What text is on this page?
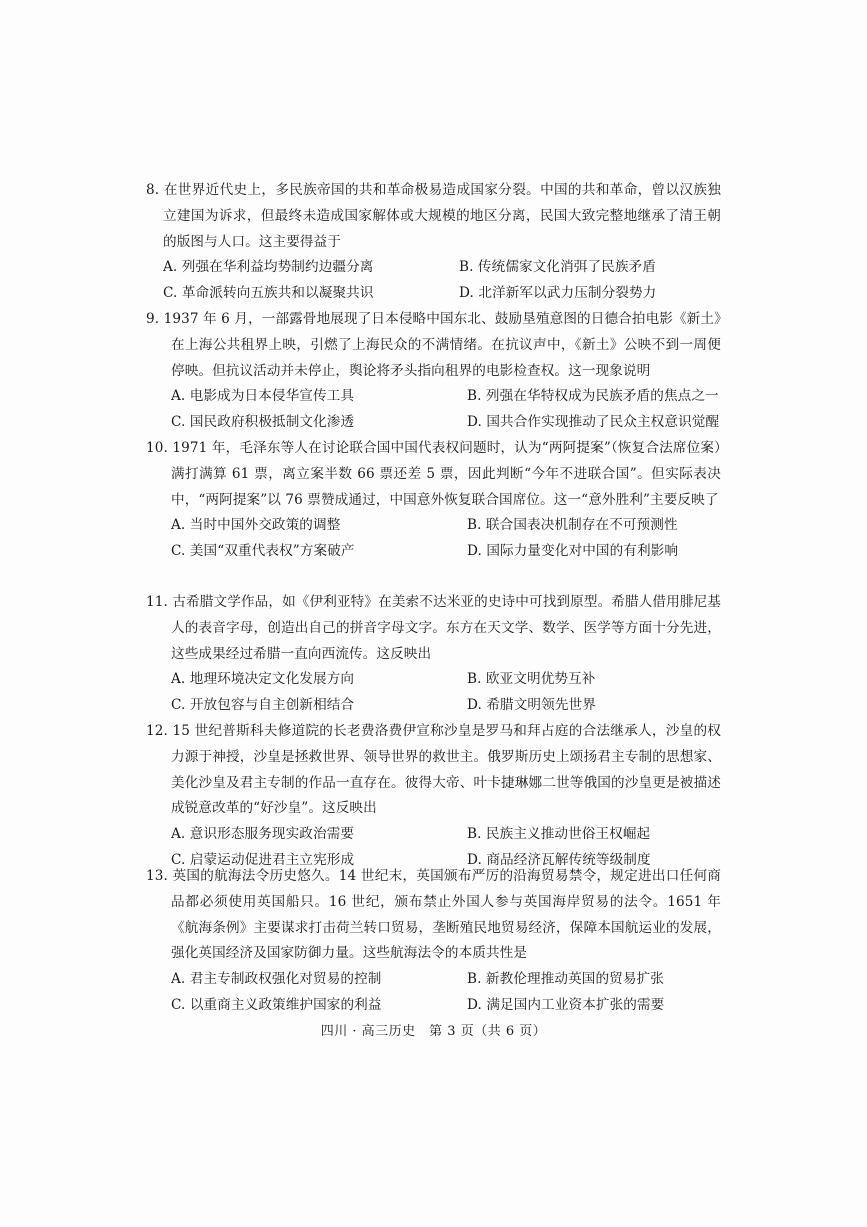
8. 在世界近代史上，多民族帝国的共和革命极易造成国家分裂。中国的共和革命，曾以汉族独立建国为诉求，但最终未造成国家解体或大规模的地区分离，民国大致完整地继承了清王朝的版图与人口。这主要得益于

A. 列强在华利益均势制约边疆分离	B. 传统儒家文化消弭了民族矛盾
C. 革命派转向五族共和以凝聚共识	D. 北洋新军以武力压制分裂势力

9. 1937 年 6 月，一部露骨地展现了日本侵略中国东北、鼓励垦殖意图的日德合拍电影《新土》在上海公共租界上映，引燃了上海民众的不满情绪。在抗议声中，《新土》公映不到一周便停映。但抗议活动并未停止，舆论将矛头指向租界的电影检查权。这一现象说明

A. 电影成为日本侵华宣传工具	B. 列强在华特权成为民族矛盾的焦点之一
C. 国民政府积极抵制文化渗透	D. 国共合作实现推动了民众主权意识觉醒

10. 1971 年，毛泽东等人在讨论联合国中国代表权问题时，认为“两阿提案”（恢复合法席位案）满打满算 61 票，离立案半数 66 票还差 5 票，因此判断“今年不进联合国”。但实际表决中，“两阿提案”以 76 票赞成通过，中国意外恢复联合国席位。这一“意外胜利”主要反映了

A. 当时中国外交政策的调整	B. 联合国表决机制存在不可预测性
C. 美国“双重代表权”方案破产	D. 国际力量变化对中国的有利影响

11. 古希腊文学作品，如《伊利亚特》在美索不达米亚的史诗中可找到原型。希腊人借用腓尼基人的表音字母，创造出自己的拼音字母文字。东方在天文学、数学、医学等方面十分先进，这些成果经过希腊一直向西流传。这反映出

A. 地理环境决定文化发展方向	B. 欧亚文明优势互补
C. 开放包容与自主创新相结合	D. 希腊文明领先世界

12. 15 世纪普斯科夫修道院的长老费洛费伊宣称沙皇是罗马和拜占庭的合法继承人，沙皇的权力源于神授，沙皇是拯救世界、领导世界的救世主。俄罗斯历史上颂扬君主专制的思想家、美化沙皇及君主专制的作品一直存在。彼得大帝、叶卡捷琳娜二世等俄国的沙皇更是被描述成锐意改革的“好沙皇”。这反映出

A. 意识形态服务现实政治需要	B. 民族主义推动世俗王权崛起
C. 启蒙运动促进君主立宪形成	D. 商品经济瓦解传统等级制度

13. 英国的航海法令历史悠久。14 世纪末，英国颁布严厉的沿海贸易禁令，规定进出口任何商品都必须使用英国船只。16 世纪，颁布禁止外国人参与英国海岸贸易的法令。1651 年《航海条例》主要谋求打击荷兰转口贸易，垄断殖民地贸易经济，保障本国航运业的发展，强化英国经济及国家防御力量。这些航海法令的本质共性是

A. 君主专制政权强化对贸易的控制	B. 新教伦理推动英国的贸易扩张
C. 以重商主义政策维护国家的利益	D. 满足国内工业资本扩张的需要
四川 · 高三历史　第 3 页（共 6 页）
